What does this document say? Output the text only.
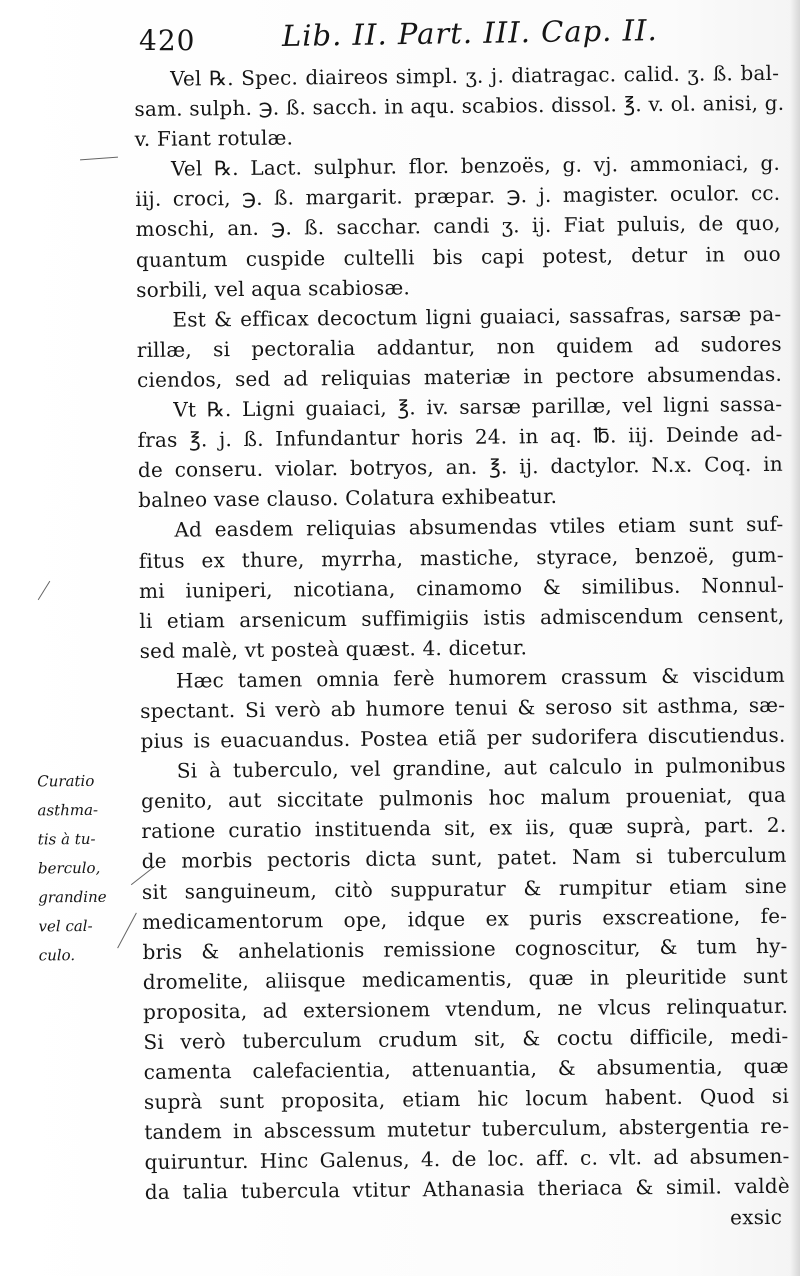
420	Lib. II. Part. III. Cap. II.
Curatio
asthma-
tis à tu-
berculo,
grandine
vel cal-
culo.
Vel ℞. Spec. diaireos simpl. ʒ. j. diatragac. calid. ʒ. ß. bal-
sam. sulph. ℈. ß. sacch. in aqu. scabios. dissol. ℥. v. ol. anisi, g.
v. Fiant rotulæ.
Vel ℞. Lact. sulphur. flor. benzoës, g. vj. ammoniaci, g.
iij. croci, ℈. ß. margarit. præpar. ℈. j. magister. oculor. cc.
moschi, an. ℈. ß. sacchar. candi ʒ. ij. Fiat puluis, de quo,
quantum cuspide cultelli bis capi potest, detur in ouo
sorbili, vel aqua scabiosæ.
Est & efficax decoctum ligni guaiaci, sassafras, sarsæ pa-
rillæ, si pectoralia addantur, non quidem ad sudores
ciendos, sed ad reliquias materiæ in pectore absumendas.
Vt ℞. Ligni guaiaci, ℥. iv. sarsæ parillæ, vel ligni sassa-
fras ℥. j. ß. Infundantur horis 24. in aq. ℔. iij. Deinde ad-
de conseru. violar. botryos, an. ℥. ij. dactylor. N.x. Coq. in
balneo vase clauso. Colatura exhibeatur.
Ad easdem reliquias absumendas vtiles etiam sunt suf-
fitus ex thure, myrrha, mastiche, styrace, benzoë, gum-
mi iuniperi, nicotiana, cinamomo & similibus. Nonnul-
li etiam arsenicum suffimigiis istis admiscendum censent,
sed malè, vt posteà quæst. 4. dicetur.
Hæc tamen omnia ferè humorem crassum & viscidum
spectant. Si verò ab humore tenui & seroso sit asthma, sæ-
pius is euacuandus. Postea etiã per sudorifera discutiendus.
Si à tuberculo, vel grandine, aut calculo in pulmonibus
genito, aut siccitate pulmonis hoc malum proueniat, qua
ratione curatio instituenda sit, ex iis, quæ suprà, part. 2.
de morbis pectoris dicta sunt, patet. Nam si tuberculum
sit sanguineum, citò suppuratur & rumpitur etiam sine
medicamentorum ope, idque ex puris exscreatione, fe-
bris & anhelationis remissione cognoscitur, & tum hy-
dromelite, aliisque medicamentis, quæ in pleuritide sunt
proposita, ad extersionem vtendum, ne vlcus relinquatur.
Si verò tuberculum crudum sit, & coctu difficile, medi-
camenta calefacientia, attenuantia, & absumentia, quæ
suprà sunt proposita, etiam hic locum habent. Quod si
tandem in abscessum mutetur tuberculum, abstergentia re-
quiruntur. Hinc Galenus, 4. de loc. aff. c. vlt. ad absumen-
da talia tubercula vtitur Athanasia theriaca & simil. valdè
exsic
